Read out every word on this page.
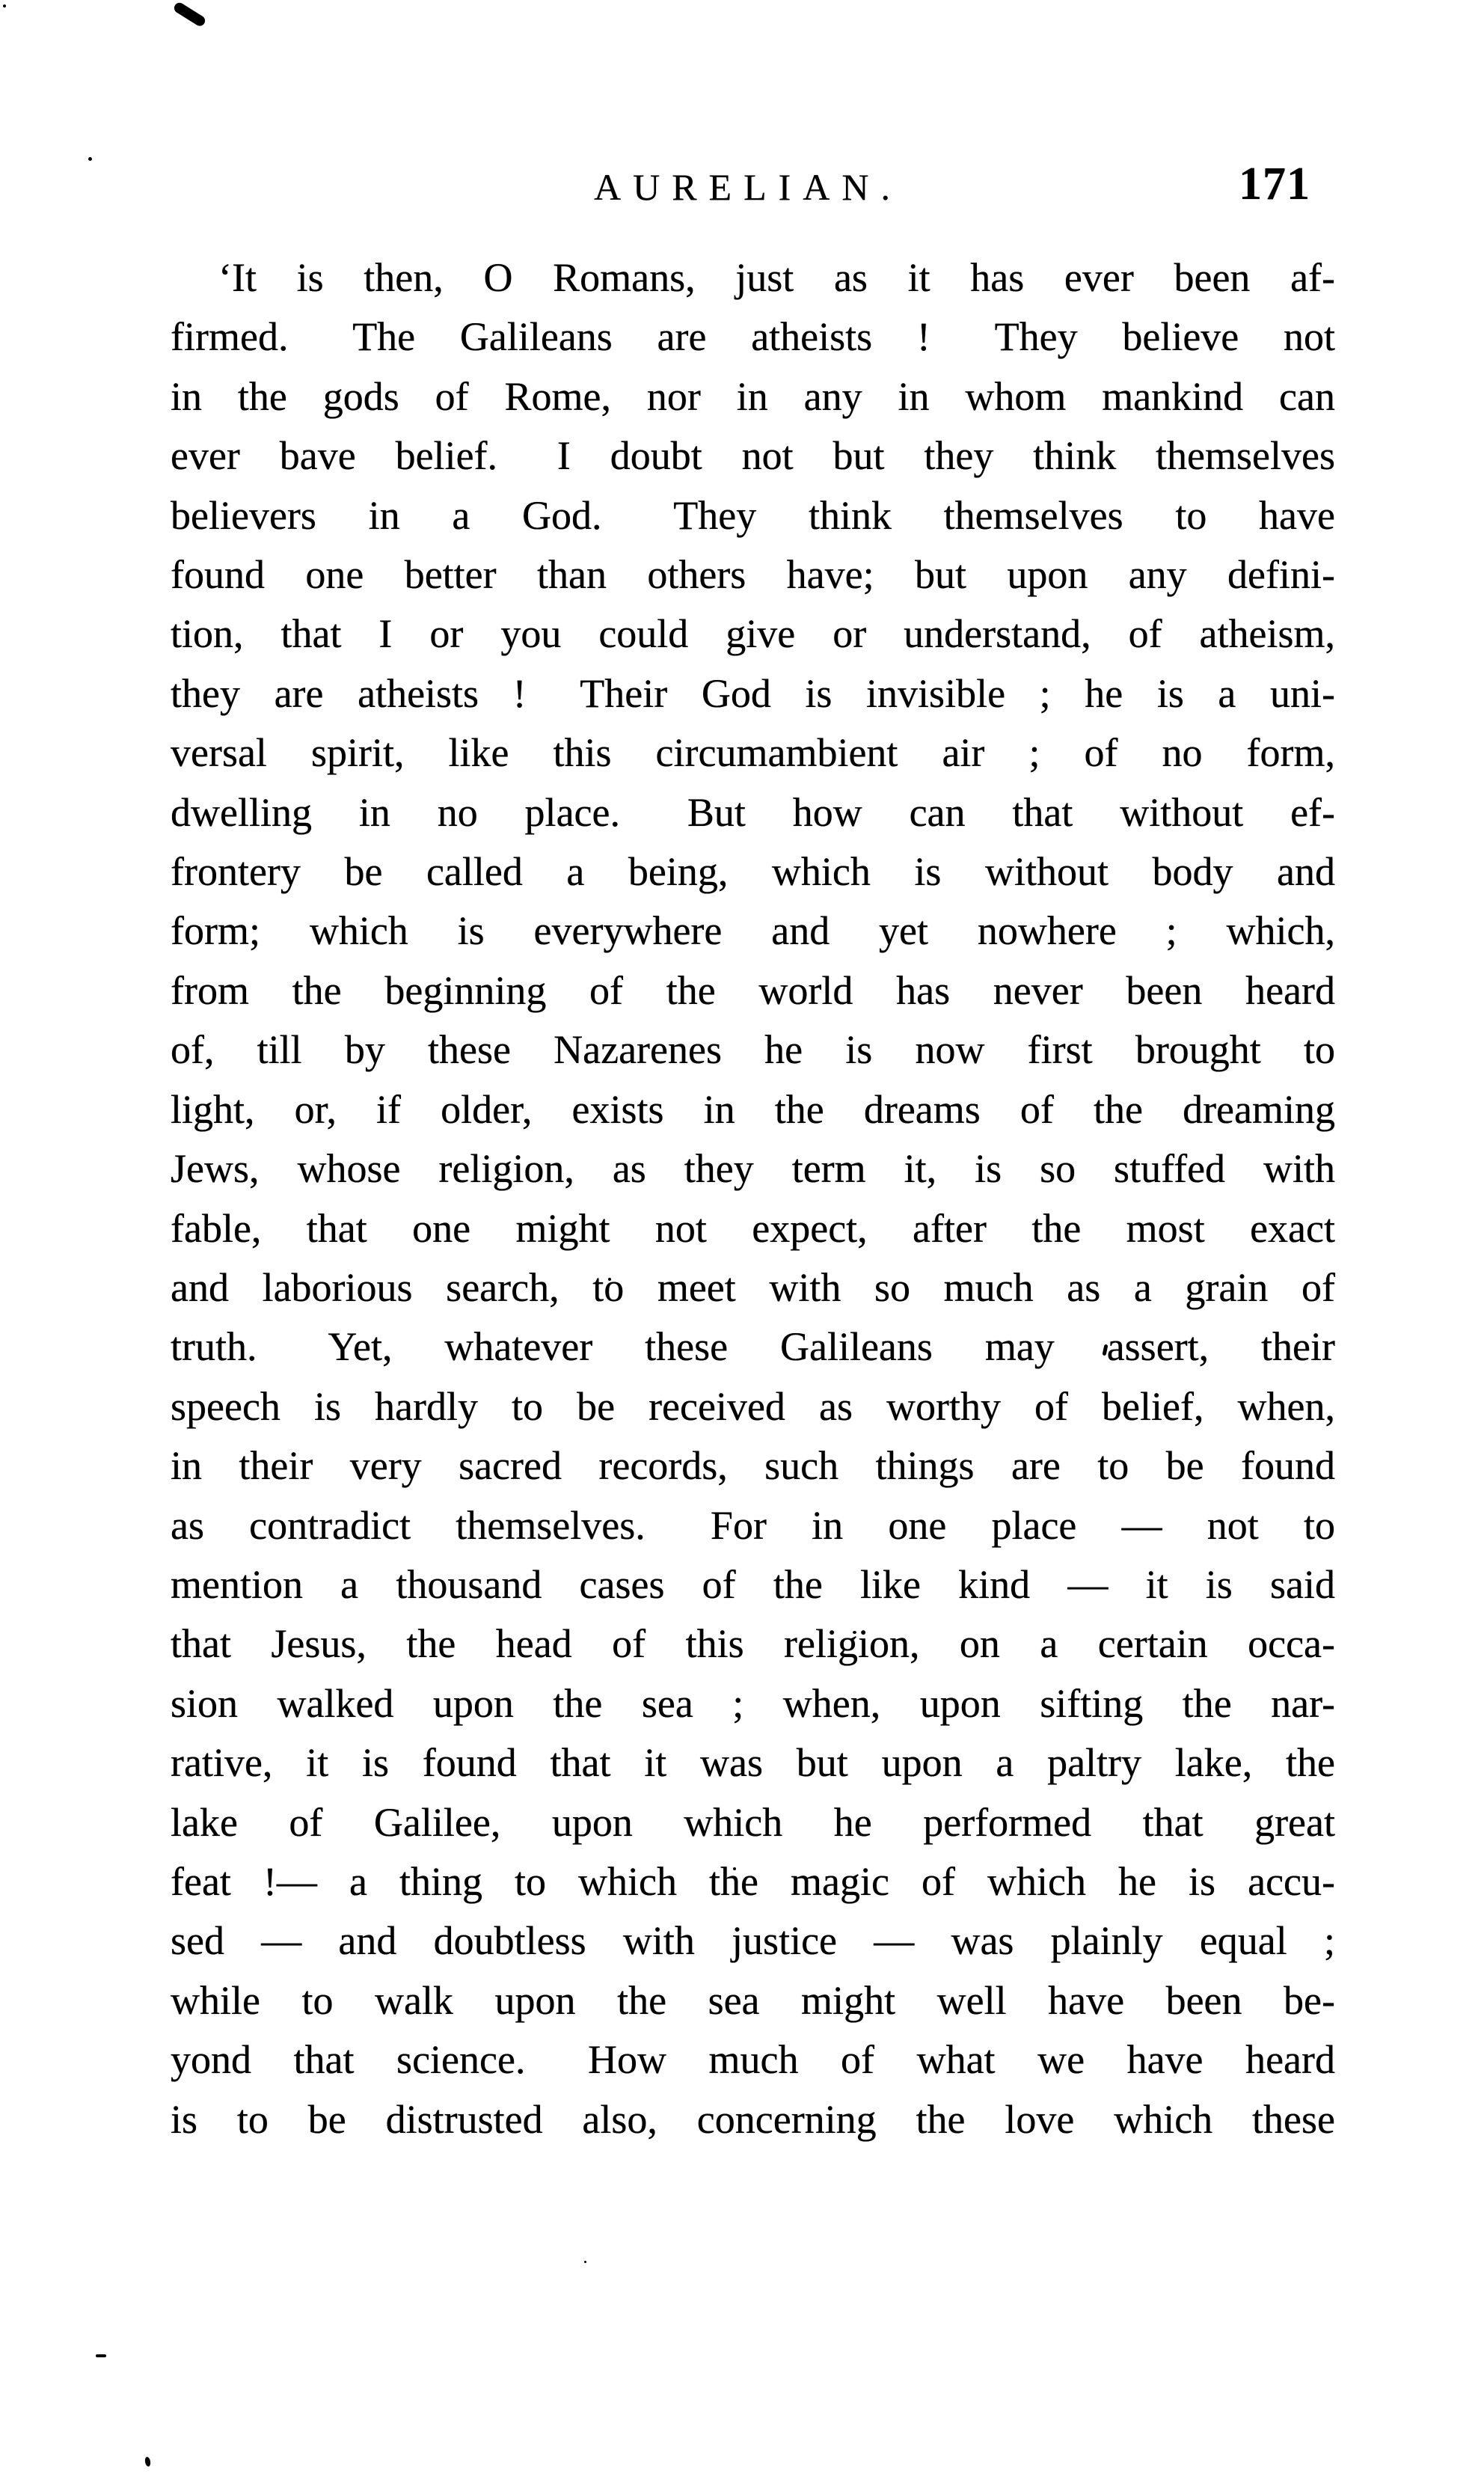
AURELIAN.	171
‘It is then, O Romans, just as it has ever been af-
firmed.  The Galileans are atheists !  They believe not
in the gods of Rome, nor in any in whom mankind can
ever bave belief.  I doubt not but they think themselves
believers in a God.  They think themselves to have
found one better than others have; but upon any defini-
tion, that I or you could give or understand, of atheism,
they are atheists !  Their God is invisible ; he is a uni-
versal spirit, like this circumambient air ; of no form,
dwelling in no place.  But how can that without ef-
frontery be called a being, which is without body and
form; which is everywhere and yet nowhere ; which,
from the beginning of the world has never been heard
of, till by these Nazarenes he is now first brought to
light, or, if older, exists in the dreams of the dreaming
Jews, whose religion, as they term it, is so stuffed with
fable, that one might not expect, after the most exact
and laborious search, to meet with so much as a grain of
truth.  Yet, whatever these Galileans may assert, their
speech is hardly to be received as worthy of belief, when,
in their very sacred records, such things are to be found
as contradict themselves.  For in one place — not to
mention a thousand cases of the like kind — it is said
that Jesus, the head of this religion, on a certain occa-
sion walked upon the sea ; when, upon sifting the nar-
rative, it is found that it was but upon a paltry lake, the
lake of Galilee, upon which he performed that great
feat !— a thing to which the magic of which he is accu-
sed — and doubtless with justice — was plainly equal ;
while to walk upon the sea might well have been be-
yond that science.  How much of what we have heard
is to be distrusted also, concerning the love which these
